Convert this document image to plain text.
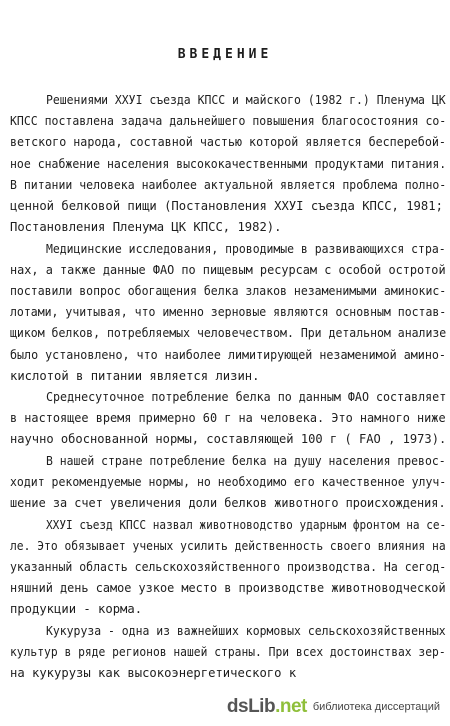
ВВЕДЕНИЕ
Решениями XXУI съезда КПСС и майского (1982 г.) Пленума ЦК
КПСС поставлена задача дальнейшего повышения благосостояния со-
ветского народа, составной частью которой является бесперебой-
ное снабжение населения высококачественными продуктами питания.
В питании человека наиболее актуальной является проблема полно-
ценной белковой пищи (Постановления XXУI съезда КПСС, 1981;
Постановления Пленума ЦК КПСС, 1982).
Медицинские исследования, проводимые в развивающихся стра-
нах, а также данные ФАО по пищевым ресурсам с особой остротой
поставили вопрос обогащения белка злаков незаменимыми аминокис-
лотами, учитывая, что именно зерновые являются основным постав-
щиком белков, потребляемых человечеством. При детальном анализе
было установлено, что наиболее лимитирующей незаменимой амино-
кислотой в питании является лизин.
Среднесуточное потребление белка по данным ФАО составляет
в настоящее время примерно 60 г на человека. Это намного ниже
научно обоснованной нормы, составляющей 100 г ( FAO , 1973).
В нашей стране потребление белка на душу населения превос-
ходит рекомендуемые нормы, но необходимо его качественное улуч-
шение за счет увеличения доли белков животного происхождения.
XXУI съезд КПСС назвал животноводство ударным фронтом на се-
ле. Это обязывает ученых усилить действенность своего влияния на
указанный область сельскохозяйственного производства. На сегод-
няшний день самое узкое место в производстве животноводческой
продукции - корма.
Кукуруза - одна из важнейших кормовых сельскохозяйственных
культур в ряде регионов нашей страны. При всех достоинствах зер-
на кукурузы как высокоэнергетического к
dsLib.net библиотека диссертаций
